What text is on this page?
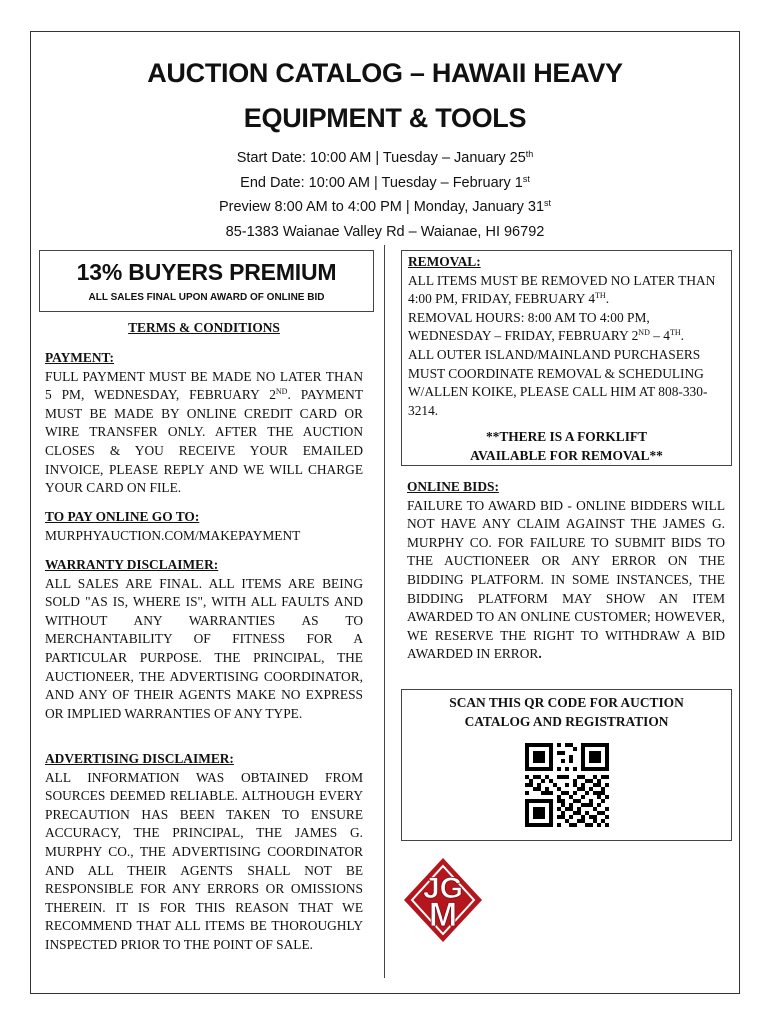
AUCTION CATALOG – HAWAII HEAVY
EQUIPMENT & TOOLS
Start Date: 10:00 AM | Tuesday – January 25th
End Date: 10:00 AM | Tuesday – February 1st
Preview 8:00 AM to 4:00 PM | Monday, January 31st
85-1383 Waianae Valley Rd – Waianae, HI 96792
13% BUYERS PREMIUM
ALL SALES FINAL UPON AWARD OF ONLINE BID
TERMS & CONDITIONS
PAYMENT:
FULL PAYMENT MUST BE MADE NO LATER THAN 5 PM, WEDNESDAY, FEBRUARY 2ND. PAYMENT MUST BE MADE BY ONLINE CREDIT CARD OR WIRE TRANSFER ONLY. AFTER THE AUCTION CLOSES & YOU RECEIVE YOUR EMAILED INVOICE, PLEASE REPLY AND WE WILL CHARGE YOUR CARD ON FILE.
TO PAY ONLINE GO TO:
MURPHYAUCTION.COM/MAKEPAYMENT
WARRANTY DISCLAIMER:
ALL SALES ARE FINAL. ALL ITEMS ARE BEING SOLD "AS IS, WHERE IS", WITH ALL FAULTS AND WITHOUT ANY WARRANTIES AS TO MERCHANTABILITY OF FITNESS FOR A PARTICULAR PURPOSE. THE PRINCIPAL, THE AUCTIONEER, THE ADVERTISING COORDINATOR, AND ANY OF THEIR AGENTS MAKE NO EXPRESS OR IMPLIED WARRANTIES OF ANY TYPE.
ADVERTISING DISCLAIMER:
ALL INFORMATION WAS OBTAINED FROM SOURCES DEEMED RELIABLE. ALTHOUGH EVERY PRECAUTION HAS BEEN TAKEN TO ENSURE ACCURACY, THE PRINCIPAL, THE JAMES G. MURPHY CO., THE ADVERTISING COORDINATOR AND ALL THEIR AGENTS SHALL NOT BE RESPONSIBLE FOR ANY ERRORS OR OMISSIONS THEREIN. IT IS FOR THIS REASON THAT WE RECOMMEND THAT ALL ITEMS BE THOROUGHLY INSPECTED PRIOR TO THE POINT OF SALE.
REMOVAL:
ALL ITEMS MUST BE REMOVED NO LATER THAN 4:00 PM, FRIDAY, FEBRUARY 4TH.
REMOVAL HOURS: 8:00 AM TO 4:00 PM,
WEDNESDAY – FRIDAY, FEBRUARY 2ND – 4TH.
ALL OUTER ISLAND/MAINLAND PURCHASERS MUST COORDINATE REMOVAL & SCHEDULING W/ALLEN KOIKE, PLEASE CALL HIM AT 808-330-3214.
**THERE IS A FORKLIFT AVAILABLE FOR REMOVAL**
ONLINE BIDS:
FAILURE TO AWARD BID - ONLINE BIDDERS WILL NOT HAVE ANY CLAIM AGAINST THE JAMES G. MURPHY CO. FOR FAILURE TO SUBMIT BIDS TO THE AUCTIONEER OR ANY ERROR ON THE BIDDING PLATFORM. IN SOME INSTANCES, THE BIDDING PLATFORM MAY SHOW AN ITEM AWARDED TO AN ONLINE CUSTOMER; HOWEVER, WE RESERVE THE RIGHT TO WITHDRAW A BID AWARDED IN ERROR.
SCAN THIS QR CODE FOR AUCTION CATALOG AND REGISTRATION
JG M
